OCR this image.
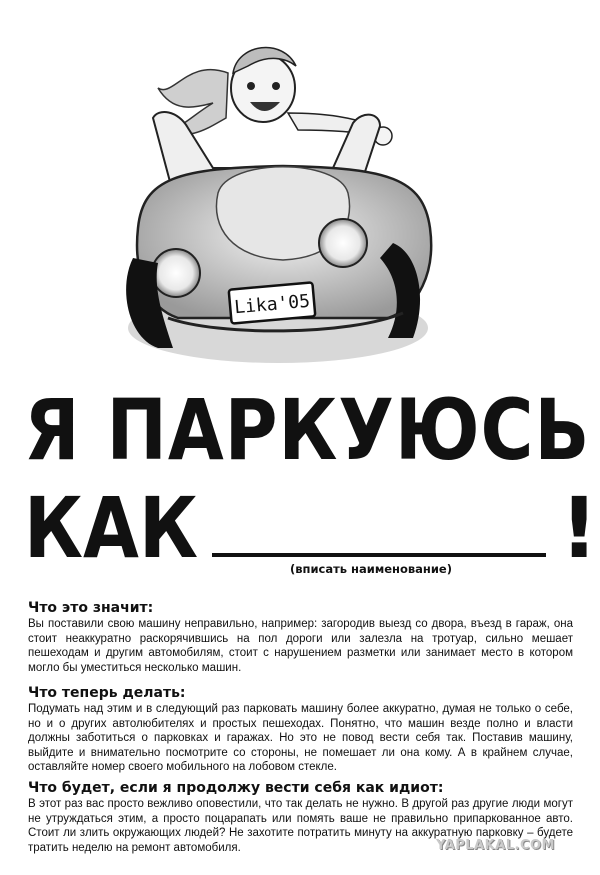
Lika'05
Я ПАРКУЮСЬ
КАК	!
(вписать наименование)
Что это значит:
Вы поставили свою машину неправильно, например: загородив выезд со двора, въезд в гараж, она стоит неаккуратно раскорячившись на пол дороги или залезла на тротуар, сильно мешает пешеходам и другим автомобилям, стоит с нарушением разметки или занимает место в котором могло бы уместиться несколько машин.
Что теперь делать:
Подумать над этим и в следующий раз парковать машину более аккуратно, думая не только о себе, но и о других автолюбителях и простых пешеходах. Понятно, что машин везде полно и власти должны заботиться о парковках и гаражах. Но это не повод вести себя так. Поставив машину, выйдите и внимательно посмотрите со стороны, не помешает ли она кому. А в крайнем случае, оставляйте номер своего мобильного на лобовом стекле.
Что будет, если я продолжу вести себя как идиот:
В этот раз вас просто вежливо оповестили, что так делать не нужно. В другой раз другие люди могут не утруждаться этим, а просто поцарапать или помять ваше не правильно припаркованное авто. Стоит ли злить окружающих людей? Не захотите потратить минуту на аккуратную парковку – будете тратить неделю на ремонт автомобиля.	YAPLAKAL.COM
